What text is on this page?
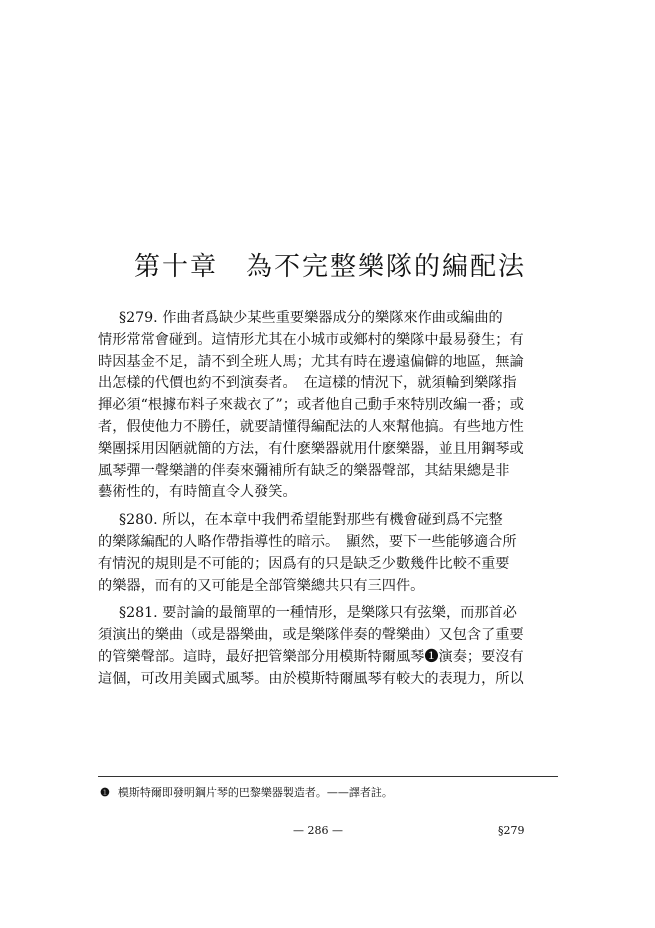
第十章　為不完整樂隊的編配法
§279. 作曲者爲缺少某些重要樂器成分的樂隊來作曲或編曲的
情形常常會碰到。這情形尤其在小城市或鄉村的樂隊中最易發生；有
時因基金不足，請不到全班人馬；尤其有時在邊遠偏僻的地區，無論
出怎樣的代價也約不到演奏者。　在這樣的情況下，就須輪到樂隊指
揮必須“根據布料子來裁衣了”；或者他自己動手來特別改編一番；或
者，假使他力不勝任，就要請懂得編配法的人來幫他搞。有些地方性
樂團採用因陋就簡的方法，有什麽樂器就用什麽樂器，並且用鋼琴或
風琴彈一聲樂譜的伴奏來彌補所有缺乏的樂器聲部，其結果總是非
藝術性的，有時簡直令人發笑。
§280. 所以，在本章中我們希望能對那些有機會碰到爲不完整
的樂隊編配的人略作帶指導性的暗示。　顯然，要下一些能够適合所
有情況的規則是不可能的；因爲有的只是缺乏少數幾件比較不重要
的樂器，而有的又可能是全部管樂總共只有三四件。
§281. 要討論的最簡單的一種情形，是樂隊只有弦樂，而那首必
須演出的樂曲（或是器樂曲，或是樂隊伴奏的聲樂曲）又包含了重要
的管樂聲部。這時，最好把管樂部分用模斯特爾風琴❶演奏；要沒有
這個，可改用美國式風琴。由於模斯特爾風琴有較大的表現力，所以
❶ 模斯特爾即發明鋼片琴的巴黎樂器製造者。——譯者註。
— 286 —	§279
